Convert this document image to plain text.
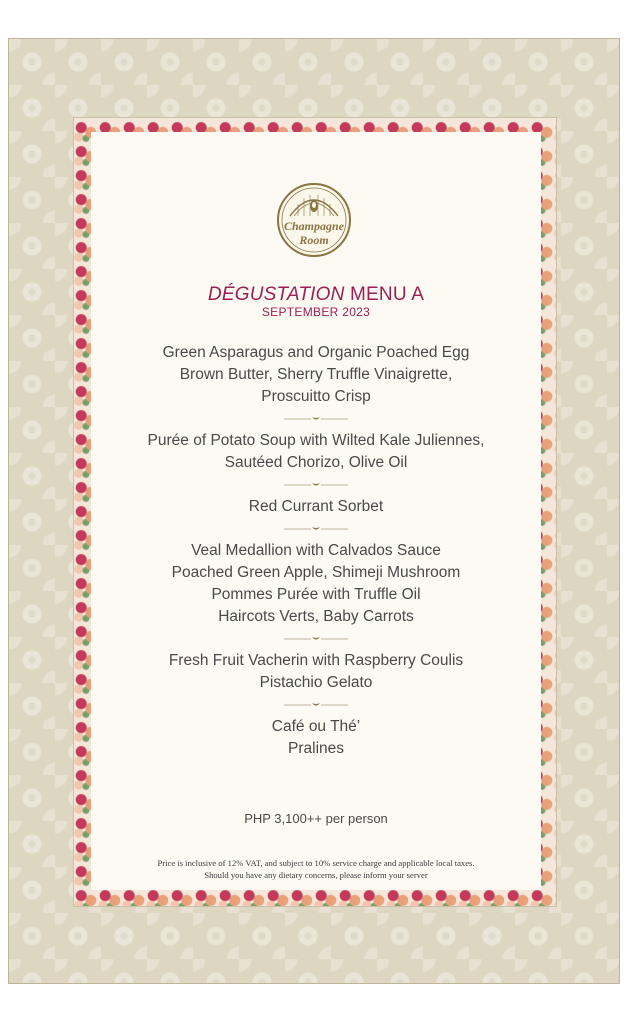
Champagne
Room
DÉGUSTATION MENU A
SEPTEMBER 2023
Green Asparagus and Organic Poached Egg
Brown Butter, Sherry Truffle Vinaigrette,
Proscuitto Crisp
Purée of Potato Soup with Wilted Kale Juliennes,
Sautéed Chorizo, Olive Oil
Red Currant Sorbet
Veal Medallion with Calvados Sauce
Poached Green Apple, Shimeji Mushroom
Pommes Purée with Truffle Oil
Haircots Verts, Baby Carrots
Fresh Fruit Vacherin with Raspberry Coulis
Pistachio Gelato
Café ou Thé’
Pralines
PHP 3,100++ per person
Price is inclusive of 12% VAT, and subject to 10% service charge and applicable local taxes.
Should you have any dietary concerns, please inform your server
